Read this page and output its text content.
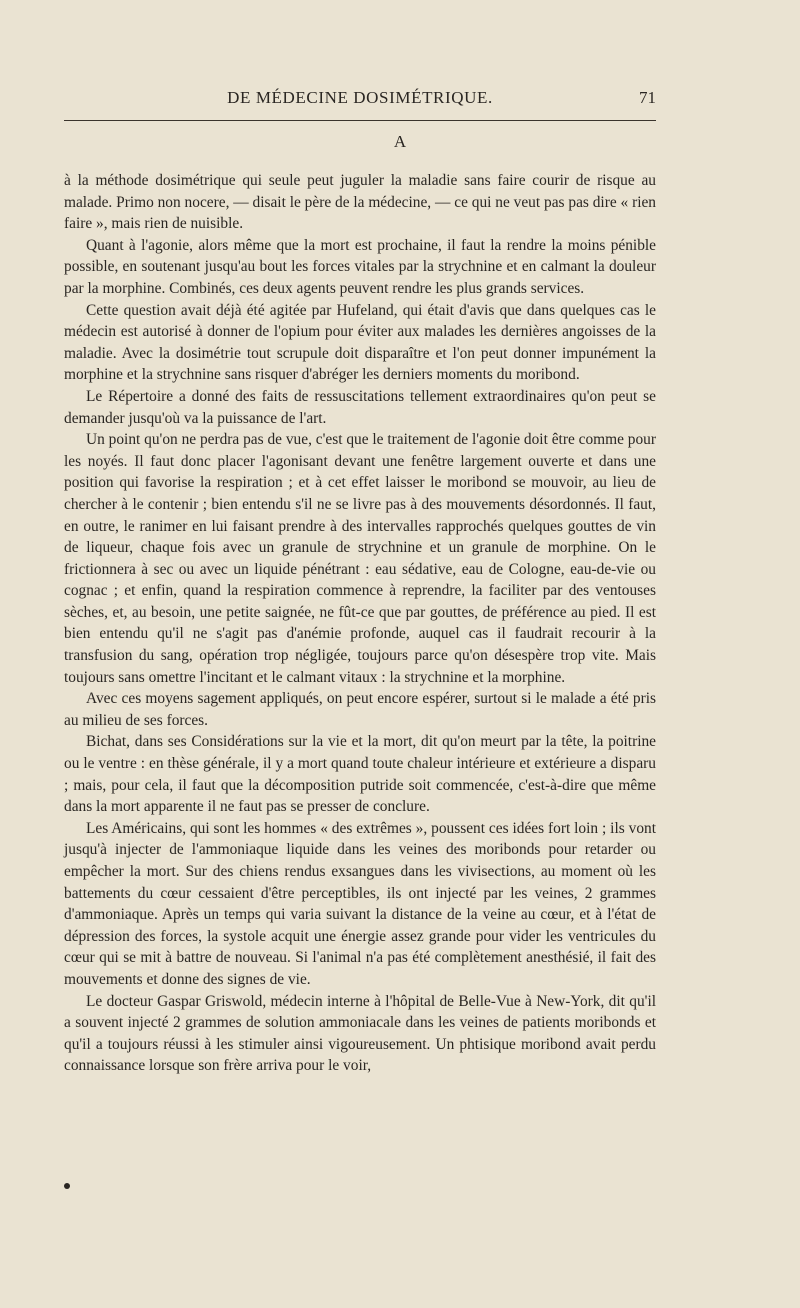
DE MÉDECINE DOSIMÉTRIQUE.	71
A

à la méthode dosimétrique qui seule peut juguler la maladie sans faire courir de risque au malade. Primo non nocere, — disait le père de la médecine, — ce qui ne veut pas pas dire « rien faire », mais rien de nuisible.

Quant à l'agonie, alors même que la mort est prochaine, il faut la rendre la moins pénible possible, en soutenant jusqu'au bout les forces vitales par la strychnine et en calmant la douleur par la morphine. Combinés, ces deux agents peuvent rendre les plus grands services.

Cette question avait déjà été agitée par Hufeland, qui était d'avis que dans quelques cas le médecin est autorisé à donner de l'opium pour éviter aux malades les dernières angoisses de la maladie. Avec la dosimétrie tout scrupule doit disparaître et l'on peut donner impunément la morphine et la strychnine sans risquer d'abréger les derniers moments du moribond.

Le Répertoire a donné des faits de ressuscitations tellement extraordinaires qu'on peut se demander jusqu'où va la puissance de l'art.

Un point qu'on ne perdra pas de vue, c'est que le traitement de l'agonie doit être comme pour les noyés. Il faut donc placer l'agonisant devant une fenêtre largement ouverte et dans une position qui favorise la respiration ; et à cet effet laisser le moribond se mouvoir, au lieu de chercher à le contenir ; bien entendu s'il ne se livre pas à des mouvements désordonnés. Il faut, en outre, le ranimer en lui faisant prendre à des intervalles rapprochés quelques gouttes de vin de liqueur, chaque fois avec un granule de strychnine et un granule de morphine. On le frictionnera à sec ou avec un liquide pénétrant : eau sédative, eau de Cologne, eau-de-vie ou cognac ; et enfin, quand la respiration commence à reprendre, la faciliter par des ventouses sèches, et, au besoin, une petite saignée, ne fût-ce que par gouttes, de préférence au pied. Il est bien entendu qu'il ne s'agit pas d'anémie profonde, auquel cas il faudrait recourir à la transfusion du sang, opération trop négligée, toujours parce qu'on désespère trop vite. Mais toujours sans omettre l'incitant et le calmant vitaux : la strychnine et la morphine.

Avec ces moyens sagement appliqués, on peut encore espérer, surtout si le malade a été pris au milieu de ses forces.

Bichat, dans ses Considérations sur la vie et la mort, dit qu'on meurt par la tête, la poitrine ou le ventre : en thèse générale, il y a mort quand toute chaleur intérieure et extérieure a disparu ; mais, pour cela, il faut que la décomposition putride soit commencée, c'est-à-dire que même dans la mort apparente il ne faut pas se presser de conclure.

Les Américains, qui sont les hommes « des extrêmes », poussent ces idées fort loin ; ils vont jusqu'à injecter de l'ammoniaque liquide dans les veines des moribonds pour retarder ou empêcher la mort. Sur des chiens rendus exsangues dans les vivisections, au moment où les battements du cœur cessaient d'être perceptibles, ils ont injecté par les veines, 2 grammes d'ammoniaque. Après un temps qui varia suivant la distance de la veine au cœur, et à l'état de dépression des forces, la systole acquit une énergie assez grande pour vider les ventricules du cœur qui se mit à battre de nouveau. Si l'animal n'a pas été complètement anesthésié, il fait des mouvements et donne des signes de vie.

Le docteur Gaspar Griswold, médecin interne à l'hôpital de Belle-Vue à New-York, dit qu'il a souvent injecté 2 grammes de solution ammoniacale dans les veines de patients moribonds et qu'il a toujours réussi à les stimuler ainsi vigoureusement. Un phtisique moribond avait perdu connaissance lorsque son frère arriva pour le voir,
